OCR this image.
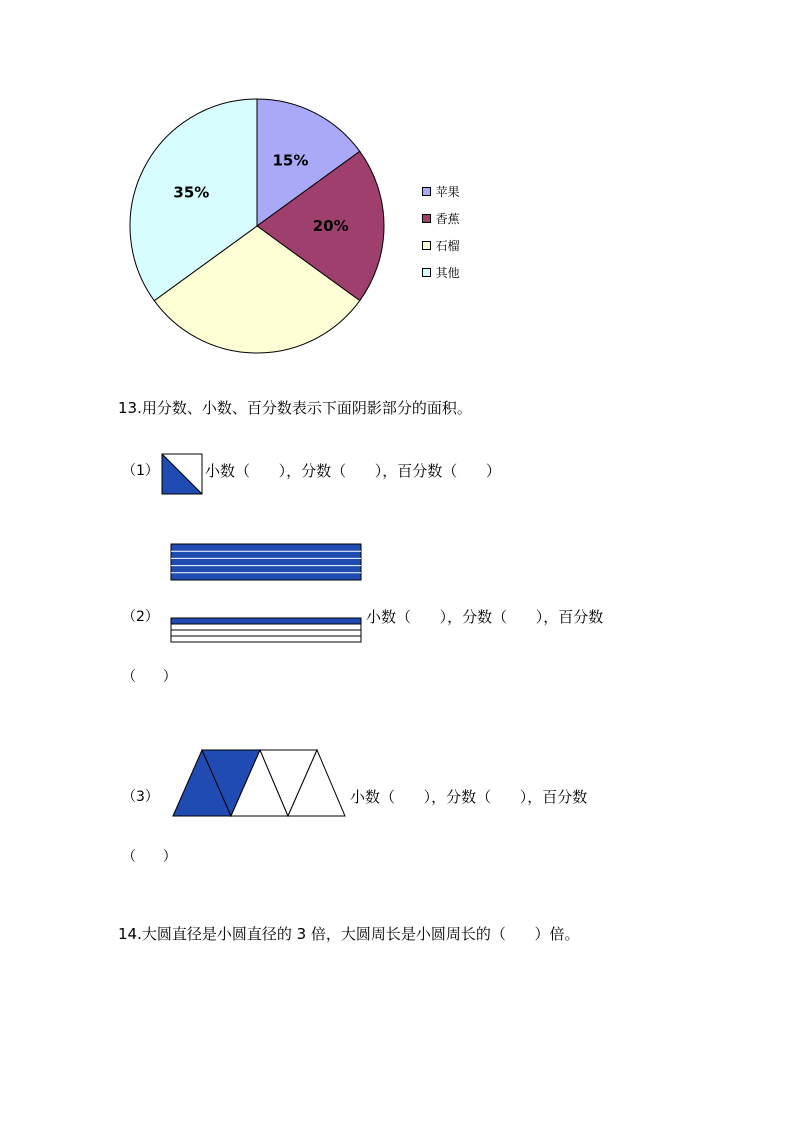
15%
20%
35%	苹果

香蕉

石榴

其他

13.用分数、小数、百分数表示下面阴影部分的面积。
（1）	小数（      ），分数（      ），百分数（      ）
（2）	小数（      ），分数（      ），百分数
（      ）
（3）	小数（      ），分数（      ），百分数
（      ）
14.大圆直径是小圆直径的 3 倍，大圆周长是小圆周长的（      ）倍。
